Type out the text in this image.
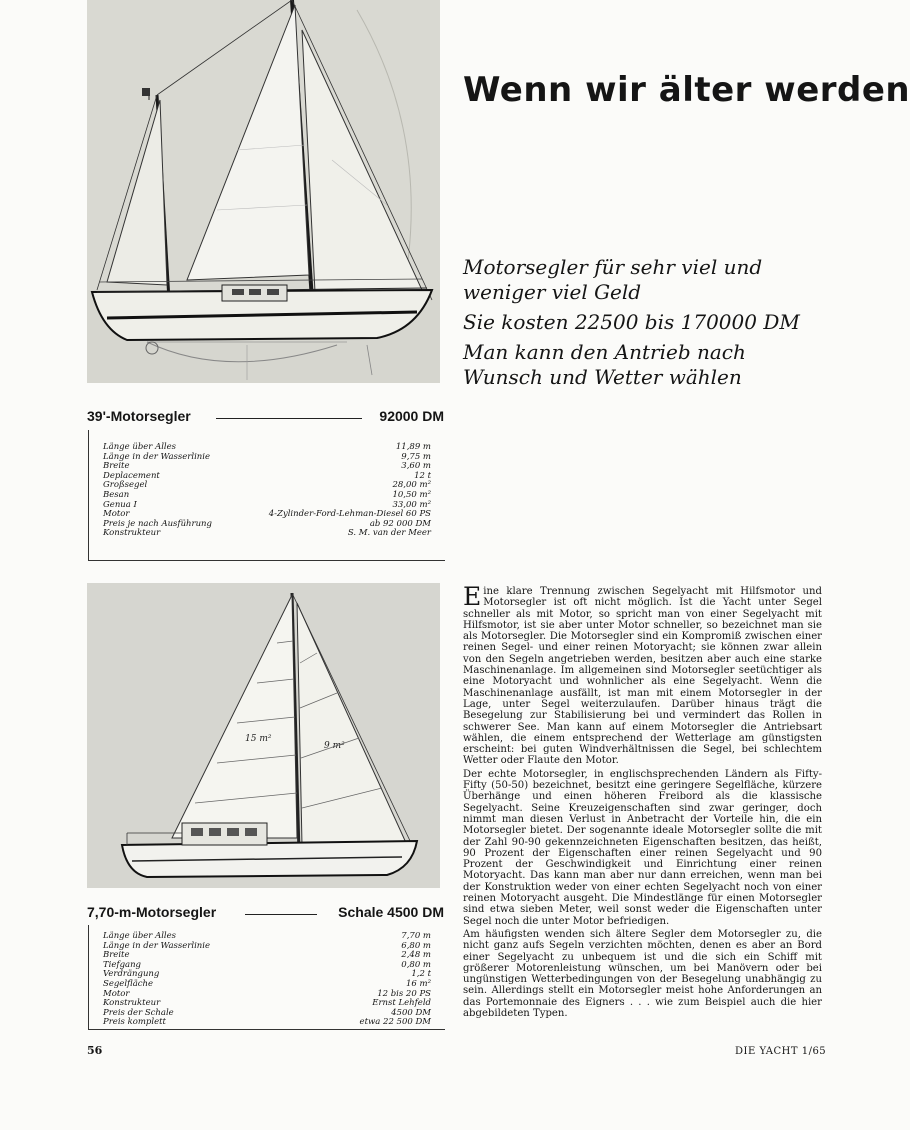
Wenn wir älter werden
Motorsegler für sehr viel und
weniger viel Geld
Sie kosten 22500 bis 170000 DM
Man kann den Antrieb nach
Wunsch und Wetter wählen
39'-Motorsegler	92000 DM
Länge über Alles	11,89 m
Länge in der Wasserlinie	9,75 m
Breite	3,60 m
Deplacement	12 t
Großsegel	28,00 m²
Besan	10,50 m²
Genua I	33,00 m²
Motor	4-Zylinder-Ford-Lehman-Diesel 60 PS
Preis je nach Ausführung	ab 92 000 DM
Konstrukteur	S. M. van der Meer
15 m²
9 m²
7,70-m-Motorsegler	Schale 4500 DM
Länge über Alles	7,70 m
Länge in der Wasserlinie	6,80 m
Breite	2,48 m
Tiefgang	0,80 m
Verdrängung	1,2 t
Segelfläche	16 m²
Motor	12 bis 20 PS
Konstrukteur	Ernst Lehfeld
Preis der Schale	4500 DM
Preis komplett	etwa 22 500 DM

Eine klare Trennung zwischen Segelyacht mit Hilfsmotor und Motorsegler ist oft nicht möglich. Ist die Yacht unter Segel schneller als mit Motor, so spricht man von einer Segelyacht mit Hilfsmotor, ist sie aber unter Motor schneller, so bezeichnet man sie als Motorsegler. Die Motorsegler sind ein Kompromiß zwischen einer reinen Segel- und einer reinen Motoryacht; sie können zwar allein von den Segeln angetrieben werden, besitzen aber auch eine starke Maschinenanlage. Im allgemeinen sind Motorsegler seetüchtiger als eine Motoryacht und wohnlicher als eine Segelyacht. Wenn die Maschinenanlage ausfällt, ist man mit einem Motorsegler in der Lage, unter Segel weiterzulaufen. Darüber hinaus trägt die Besegelung zur Stabilisierung bei und vermindert das Rollen in schwerer See. Man kann auf einem Motorsegler die Antriebsart wählen, die einem entsprechend der Wetterlage am günstigsten erscheint: bei guten Windverhältnissen die Segel, bei schlechtem Wetter oder Flaute den Motor.

Der echte Motorsegler, in englischsprechenden Ländern als Fifty-Fifty (50-50) bezeichnet, besitzt eine geringere Segelfläche, kürzere Überhänge und einen höheren Freibord als die klassische Segelyacht. Seine Kreuzeigenschaften sind zwar geringer, doch nimmt man diesen Verlust in Anbetracht der Vorteile hin, die ein Motorsegler bietet. Der sogenannte ideale Motorsegler sollte die mit der Zahl 90-90 gekennzeichneten Eigenschaften besitzen, das heißt, 90 Prozent der Eigenschaften einer reinen Segelyacht und 90 Prozent der Geschwindigkeit und Einrichtung einer reinen Motoryacht. Das kann man aber nur dann erreichen, wenn man bei der Konstruktion weder von einer echten Segelyacht noch von einer reinen Motoryacht ausgeht. Die Mindestlänge für einen Motorsegler sind etwa sieben Meter, weil sonst weder die Eigenschaften unter Segel noch die unter Motor befriedigen.

Am häufigsten wenden sich ältere Segler dem Motorsegler zu, die nicht ganz aufs Segeln verzichten möchten, denen es aber an Bord einer Segelyacht zu unbequem ist und die sich ein Schiff mit größerer Motorenleistung wünschen, um bei Manövern oder bei ungünstigen Wetterbedingungen von der Besegelung unabhängig zu sein. Allerdings stellt ein Motorsegler meist hohe Anforderungen an das Portemonnaie des Eigners . . . wie zum Beispiel auch die hier abgebildeten Typen.

56	DIE YACHT 1/65
